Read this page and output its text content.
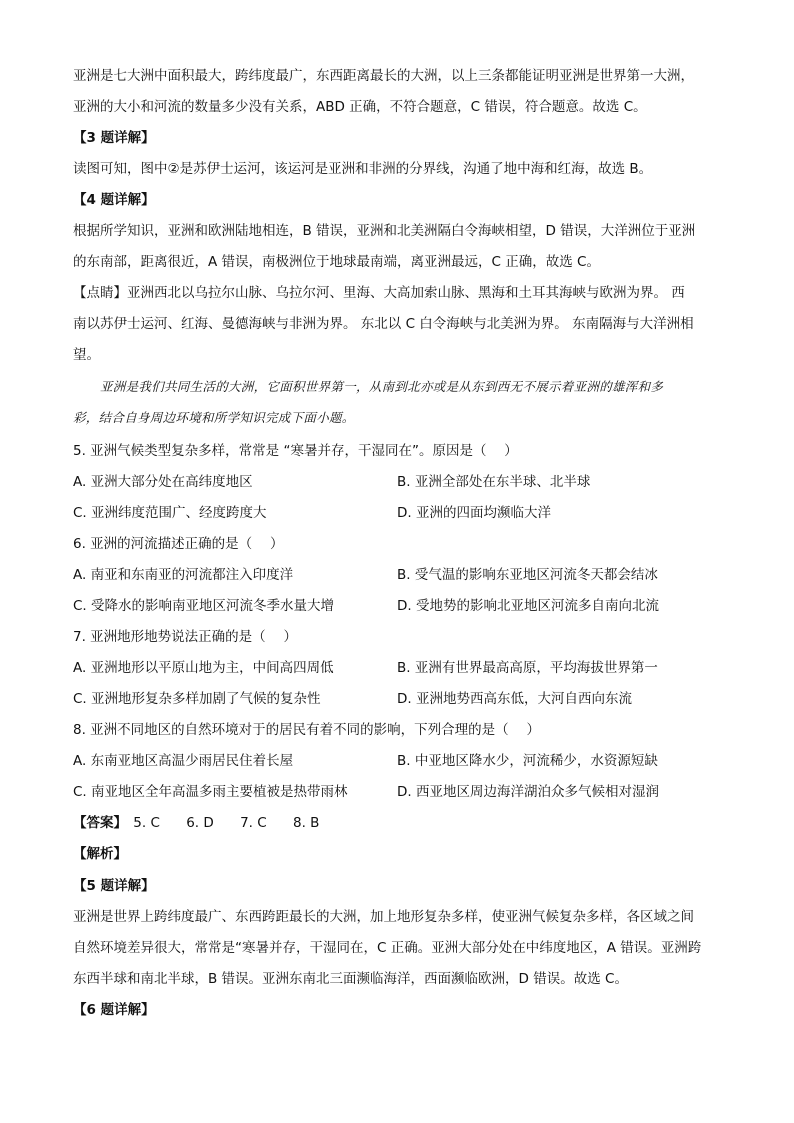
亚洲是七大洲中面积最大，跨纬度最广，东西距离最长的大洲，以上三条都能证明亚洲是世界第一大洲，
亚洲的大小和河流的数量多少没有关系，ABD 正确，不符合题意，C 错误，符合题意。故选 C。
【3 题详解】
读图可知，图中②是苏伊士运河，该运河是亚洲和非洲的分界线，沟通了地中海和红海，故选 B。
【4 题详解】
根据所学知识，亚洲和欧洲陆地相连，B 错误，亚洲和北美洲隔白令海峡相望，D 错误，大洋洲位于亚洲
的东南部，距离很近，A 错误，南极洲位于地球最南端，离亚洲最远，C 正确，故选 C。
【点睛】亚洲西北以乌拉尔山脉、乌拉尔河、里海、大高加索山脉、黑海和土耳其海峡与欧洲为界。 西
南以苏伊士运河、红海、曼德海峡与非洲为界。 东北以 C 白令海峡与北美洲为界。 东南隔海与大洋洲相
望。
亚洲是我们共同生活的大洲，它面积世界第一，从南到北亦或是从东到西无不展示着亚洲的雄浑和多
彩，结合自身周边环境和所学知识完成下面小题。
5. 亚洲气候类型复杂多样，常常是 “寒暑并存，干湿同在”。原因是（　 ）
A. 亚洲大部分处在高纬度地区	B. 亚洲全部处在东半球、北半球
C. 亚洲纬度范围广、经度跨度大	D. 亚洲的四面均濒临大洋
6. 亚洲的河流描述正确的是（　 ）
A. 南亚和东南亚的河流都注入印度洋	B. 受气温的影响东亚地区河流冬天都会结冰
C. 受降水的影响南亚地区河流冬季水量大增	D. 受地势的影响北亚地区河流多自南向北流
7. 亚洲地形地势说法正确的是（　 ）
A. 亚洲地形以平原山地为主，中间高四周低	B. 亚洲有世界最高高原，平均海拔世界第一
C. 亚洲地形复杂多样加剧了气候的复杂性	D. 亚洲地势西高东低，大河自西向东流
8. 亚洲不同地区的自然环境对于的居民有着不同的影响，下列合理的是（　 ）
A. 东南亚地区高温少雨居民住着长屋	B. 中亚地区降水少，河流稀少，水资源短缺
C. 南亚地区全年高温多雨主要植被是热带雨林	D. 西亚地区周边海洋湖泊众多气候相对湿润
【答案】 5. C 6. D 7. C 8. B
【解析】
【5 题详解】
亚洲是世界上跨纬度最广、东西跨距最长的大洲，加上地形复杂多样，使亚洲气候复杂多样，各区域之间
自然环境差异很大，常常是“寒暑并存，干湿同在，C 正确。亚洲大部分处在中纬度地区，A 错误。亚洲跨
东西半球和南北半球，B 错误。亚洲东南北三面濒临海洋，西面濒临欧洲，D 错误。故选 C。
【6 题详解】
